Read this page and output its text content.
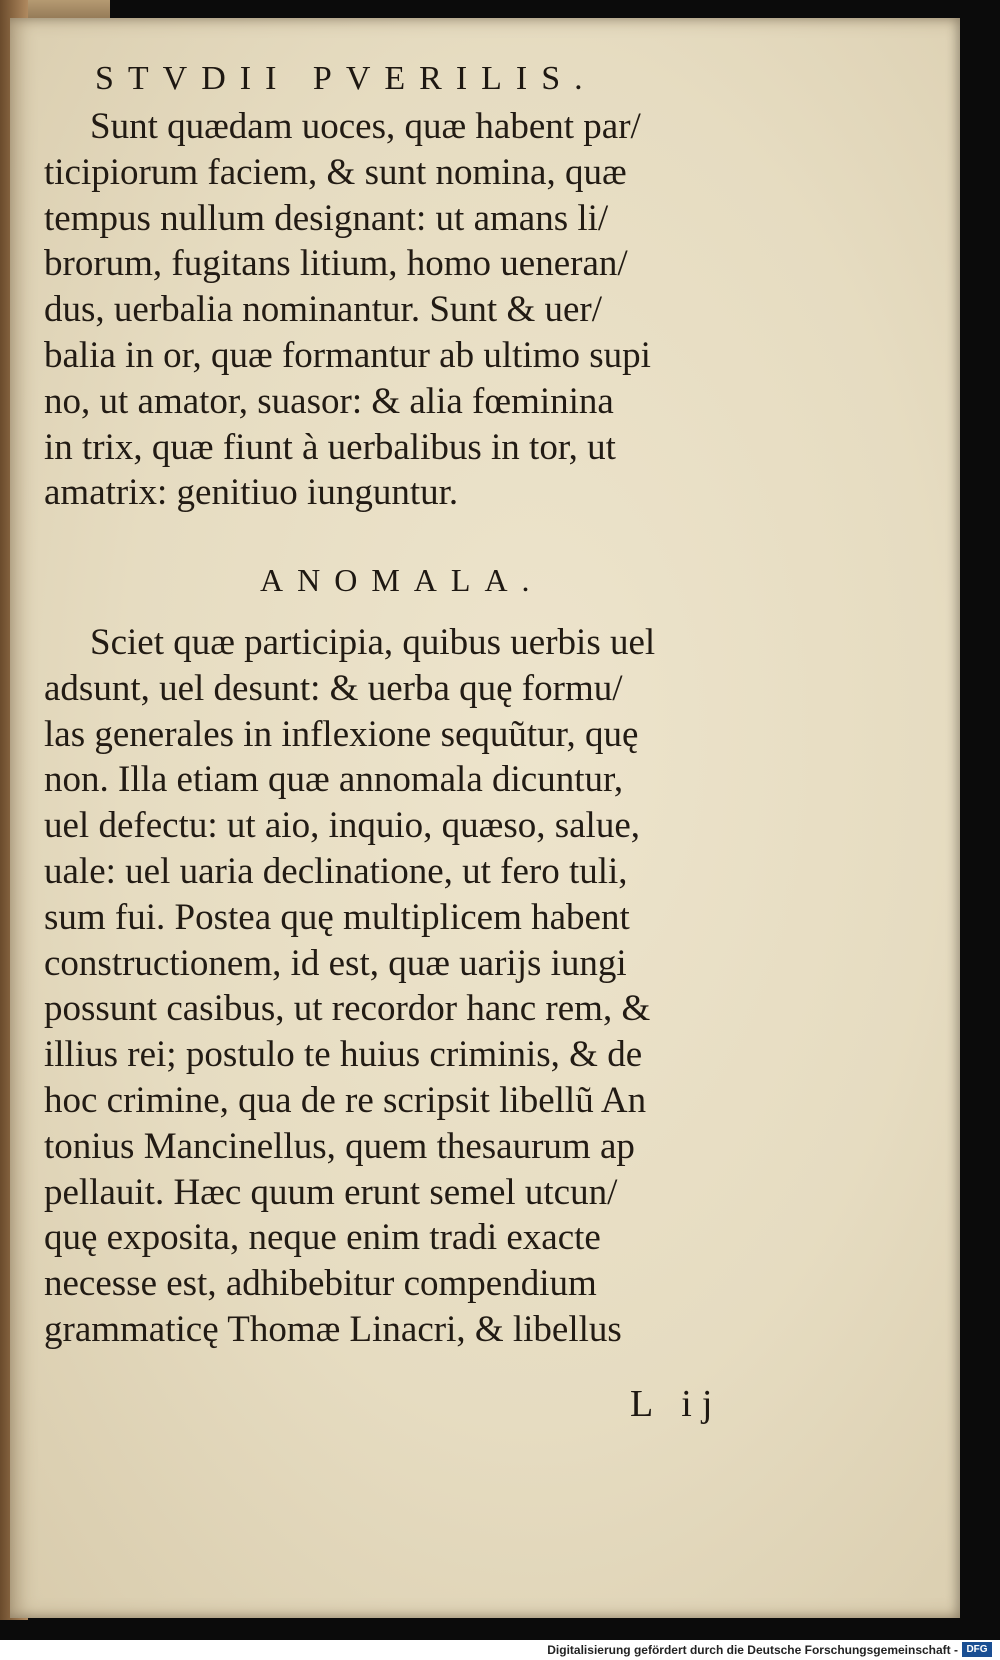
STVDII PVERILIS.
Sunt quædam uoces, quæ habent par/
ticipiorum faciem, & sunt nomina, quæ
tempus nullum designant: ut amans li/
brorum, fugitans litium, homo ueneran/
dus, uerbalia nominantur. Sunt & uer/
balia in or, quæ formantur ab ultimo supi
no, ut amator, suasor: & alia fœminina
in trix, quæ fiunt à uerbalibus in tor, ut
amatrix: genitiuo iunguntur.
ANOMALA.
Sciet quæ participia, quibus uerbis uel
adsunt, uel desunt: & uerba quę formu/
las generales in inflexione sequũtur, quę
non. Illa etiam quæ annomala dicuntur,
uel defectu: ut aio, inquio, quæso, salue,
uale: uel uaria declinatione, ut fero tuli,
sum fui. Postea quę multiplicem habent
constructionem, id est, quæ uarijs iungi
possunt casibus, ut recordor hanc rem, &
illius rei; postulo te huius criminis, & de
hoc crimine, qua de re scripsit libellũ An
tonius Mancinellus, quem thesaurum ap
pellauit. Hæc quum erunt semel utcun/
quę exposita, neque enim tradi exacte
necesse est, adhibebitur compendium
grammaticę Thomæ Linacri, & libellus
L ij
Digitalisierung gefördert durch die Deutsche Forschungsgemeinschaft - DFG
